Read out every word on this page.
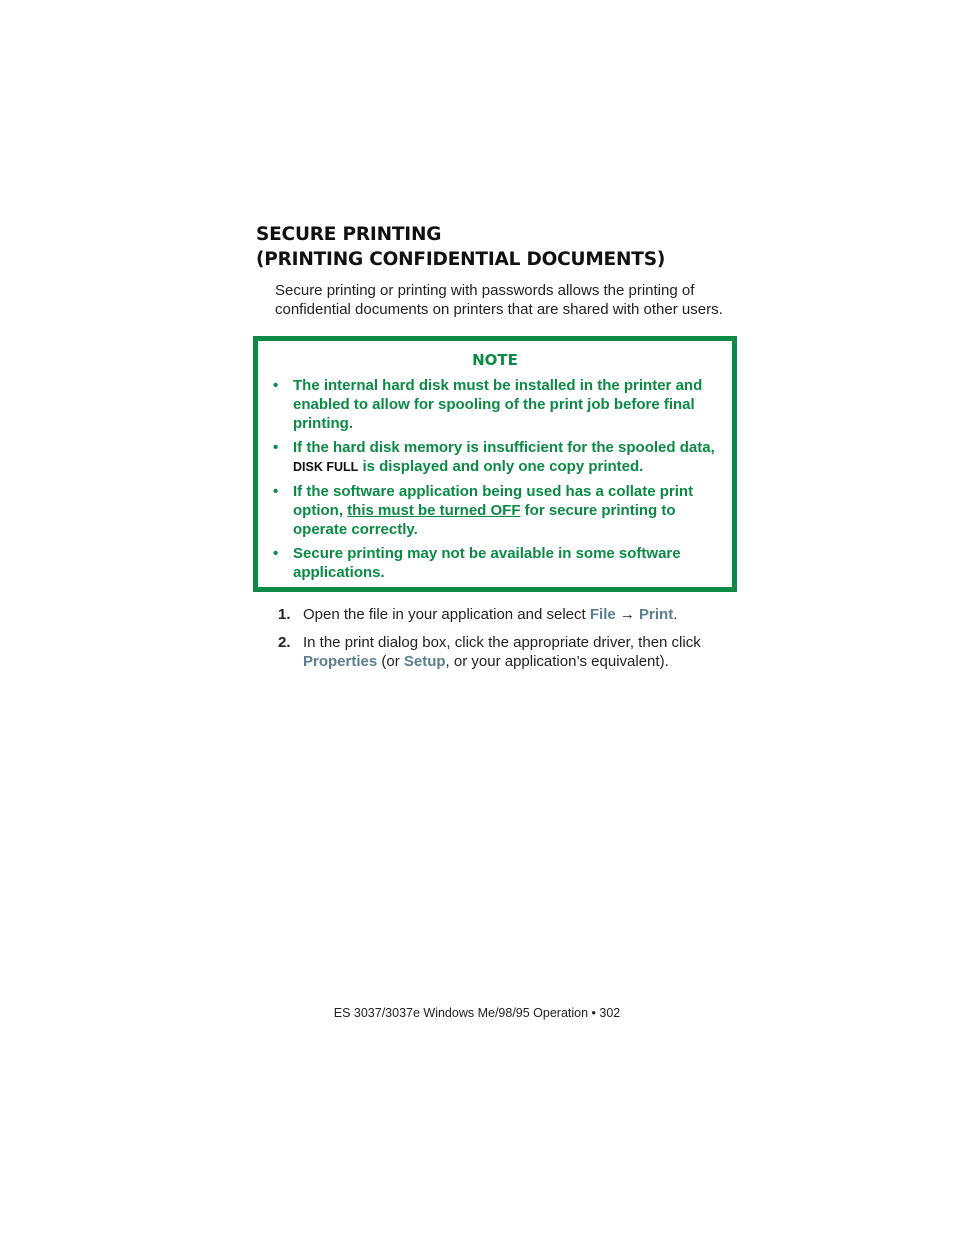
SECURE PRINTING
(PRINTING CONFIDENTIAL DOCUMENTS)

Secure printing or printing with passwords allows the printing of confidential documents on printers that are shared with other users.

NOTE
• The internal hard disk must be installed in the printer and enabled to allow for spooling of the print job before final printing.
• If the hard disk memory is insufficient for the spooled data, DISK FULL is displayed and only one copy printed.
• If the software application being used has a collate print option, this must be turned OFF for secure printing to operate correctly.
• Secure printing may not be available in some software applications.
1. Open the file in your application and select File → Print.
2. In the print dialog box, click the appropriate driver, then click Properties (or Setup, or your application’s equivalent).
ES 3037/3037e Windows Me/98/95 Operation • 302
